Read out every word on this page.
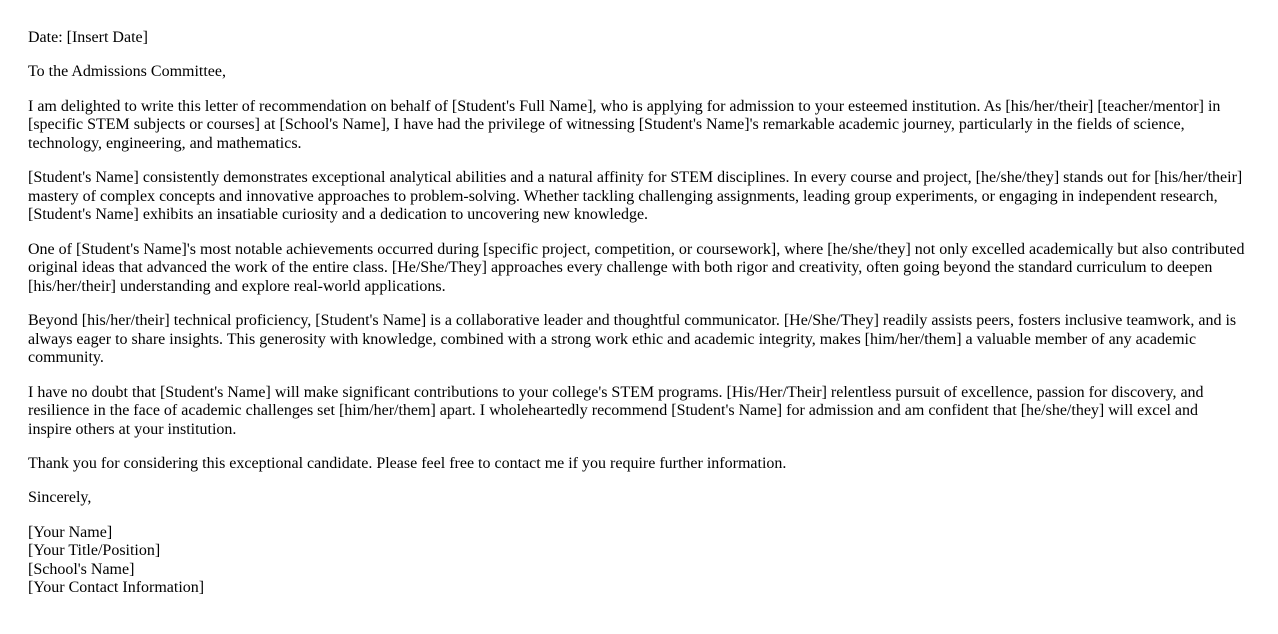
Date: [Insert Date]

To the Admissions Committee,

I am delighted to write this letter of recommendation on behalf of [Student's Full Name], who is applying for admission to your esteemed institution. As [his/her/their] [teacher/mentor] in [specific STEM subjects or courses] at [School's Name], I have had the privilege of witnessing [Student's Name]'s remarkable academic journey, particularly in the fields of science, technology, engineering, and mathematics.

[Student's Name] consistently demonstrates exceptional analytical abilities and a natural affinity for STEM disciplines. In every course and project, [he/she/they] stands out for [his/her/their] mastery of complex concepts and innovative approaches to problem-solving. Whether tackling challenging assignments, leading group experiments, or engaging in independent research, [Student's Name] exhibits an insatiable curiosity and a dedication to uncovering new knowledge.

One of [Student's Name]'s most notable achievements occurred during [specific project, competition, or coursework], where [he/she/they] not only excelled academically but also contributed original ideas that advanced the work of the entire class. [He/She/They] approaches every challenge with both rigor and creativity, often going beyond the standard curriculum to deepen [his/her/their] understanding and explore real-world applications.

Beyond [his/her/their] technical proficiency, [Student's Name] is a collaborative leader and thoughtful communicator. [He/She/They] readily assists peers, fosters inclusive teamwork, and is always eager to share insights. This generosity with knowledge, combined with a strong work ethic and academic integrity, makes [him/her/them] a valuable member of any academic community.

I have no doubt that [Student's Name] will make significant contributions to your college's STEM programs. [His/Her/Their] relentless pursuit of excellence, passion for discovery, and resilience in the face of academic challenges set [him/her/them] apart. I wholeheartedly recommend [Student's Name] for admission and am confident that [he/she/they] will excel and inspire others at your institution.

Thank you for considering this exceptional candidate. Please feel free to contact me if you require further information.

Sincerely,

[Your Name]
[Your Title/Position]
[School's Name]
[Your Contact Information]
